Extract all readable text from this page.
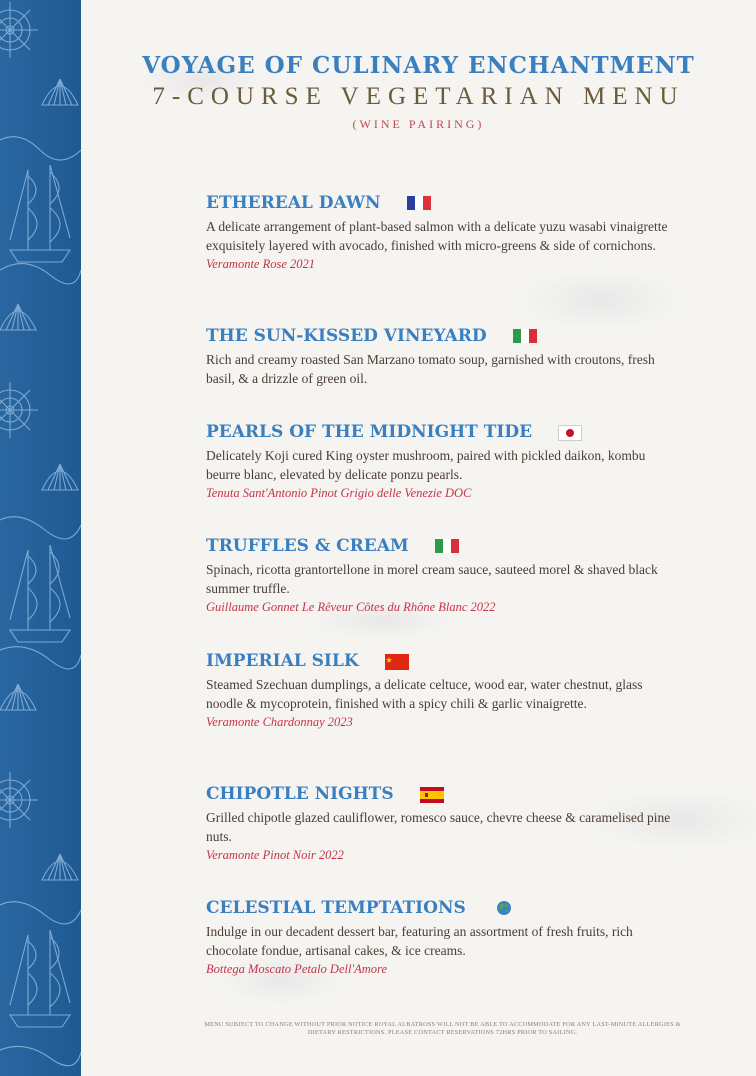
VOYAGE OF CULINARY ENCHANTMENT
7-COURSE VEGETARIAN MENU
(WINE PAIRING)
ETHEREAL DAWN
A delicate arrangement of plant-based salmon with a delicate yuzu wasabi vinaigrette exquisitely layered with avocado, finished with micro-greens & side of cornichons.
Veramonte Rose 2021
THE SUN-KISSED VINEYARD
Rich and creamy roasted San Marzano tomato soup, garnished with croutons, fresh basil, & a drizzle of green oil.
PEARLS OF THE MIDNIGHT TIDE
Delicately Koji cured King oyster mushroom, paired with pickled daikon, kombu beurre blanc, elevated by delicate ponzu pearls.
Tenuta Sant'Antonio Pinot Grigio delle Venezie DOC
TRUFFLES & CREAM
Spinach, ricotta grantortellone in morel cream sauce, sauteed morel & shaved black summer truffle.
Guillaume Gonnet Le Rêveur Côtes du Rhône Blanc 2022
IMPERIAL SILK
Steamed Szechuan dumplings, a delicate celtuce, wood ear, water chestnut, glass noodle & mycoprotein, finished with a spicy chili & garlic vinaigrette.
Veramonte Chardonnay 2023
CHIPOTLE NIGHTS
Grilled chipotle glazed cauliflower, romesco sauce, chevre cheese & caramelised pine nuts.
Veramonte Pinot Noir 2022
CELESTIAL TEMPTATIONS
Indulge in our decadent dessert bar, featuring an assortment of fresh fruits, rich chocolate fondue, artisanal cakes, & ice creams.
Bottega Moscato Petalo Dell'Amore
MENU SUBJECT TO CHANGE WITHOUT PRIOR NOTICE ROYAL ALBATROSS WILL NOT BE ABLE TO ACCOMMODATE FOR ANY LAST-MINUTE ALLERGIES & DIETARY RESTRICTIONS. PLEASE CONTACT RESERVATIONS 72HRS PRIOR TO SAILING.
